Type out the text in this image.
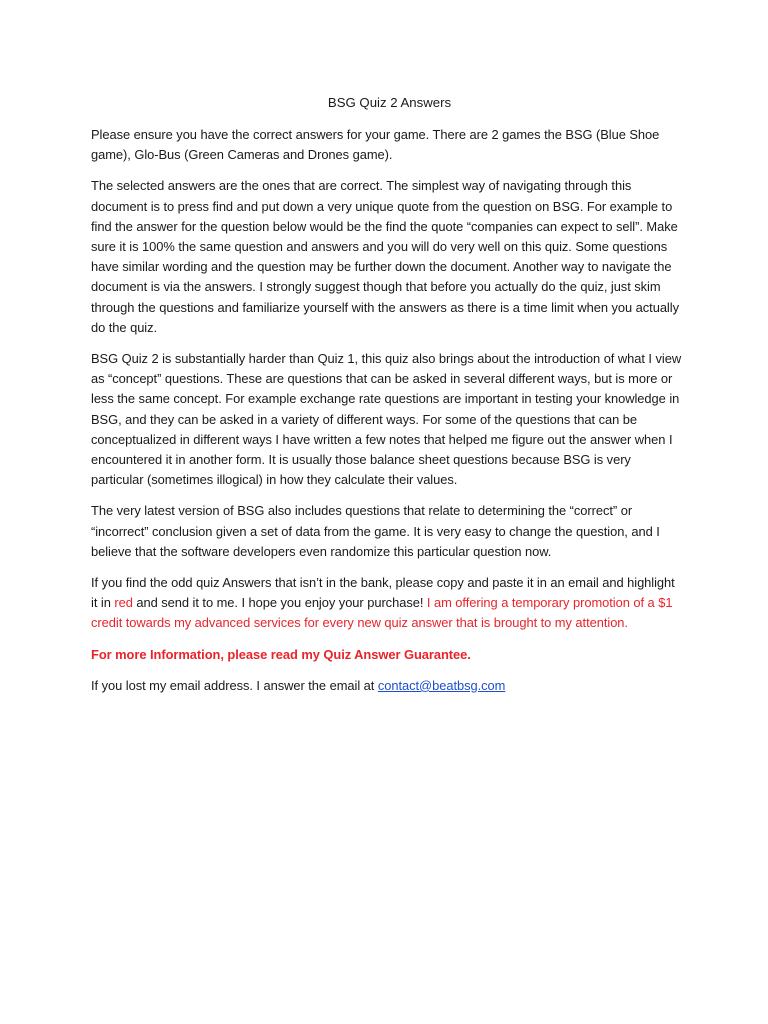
BSG Quiz 2 Answers

Please ensure you have the correct answers for your game. There are 2 games the BSG (Blue Shoe game), Glo-Bus (Green Cameras and Drones game).

The selected answers are the ones that are correct. The simplest way of navigating through this document is to press find and put down a very unique quote from the question on BSG. For example to find the answer for the question below would be the find the quote “companies can expect to sell”. Make sure it is 100% the same question and answers and you will do very well on this quiz. Some questions have similar wording and the question may be further down the document. Another way to navigate the document is via the answers. I strongly suggest though that before you actually do the quiz, just skim through the questions and familiarize yourself with the answers as there is a time limit when you actually do the quiz.

BSG Quiz 2 is substantially harder than Quiz 1, this quiz also brings about the introduction of what I view as “concept” questions. These are questions that can be asked in several different ways, but is more or less the same concept. For example exchange rate questions are important in testing your knowledge in BSG, and they can be asked in a variety of different ways. For some of the questions that can be conceptualized in different ways I have written a few notes that helped me figure out the answer when I encountered it in another form. It is usually those balance sheet questions because BSG is very particular (sometimes illogical) in how they calculate their values.

The very latest version of BSG also includes questions that relate to determining the “correct” or “incorrect” conclusion given a set of data from the game. It is very easy to change the question, and I believe that the software developers even randomize this particular question now.

If you find the odd quiz Answers that isn’t in the bank, please copy and paste it in an email and highlight it in red and send it to me. I hope you enjoy your purchase! I am offering a temporary promotion of a $1 credit towards my advanced services for every new quiz answer that is brought to my attention.

For more Information, please read my Quiz Answer Guarantee.

If you lost my email address. I answer the email at contact@beatbsg.com
